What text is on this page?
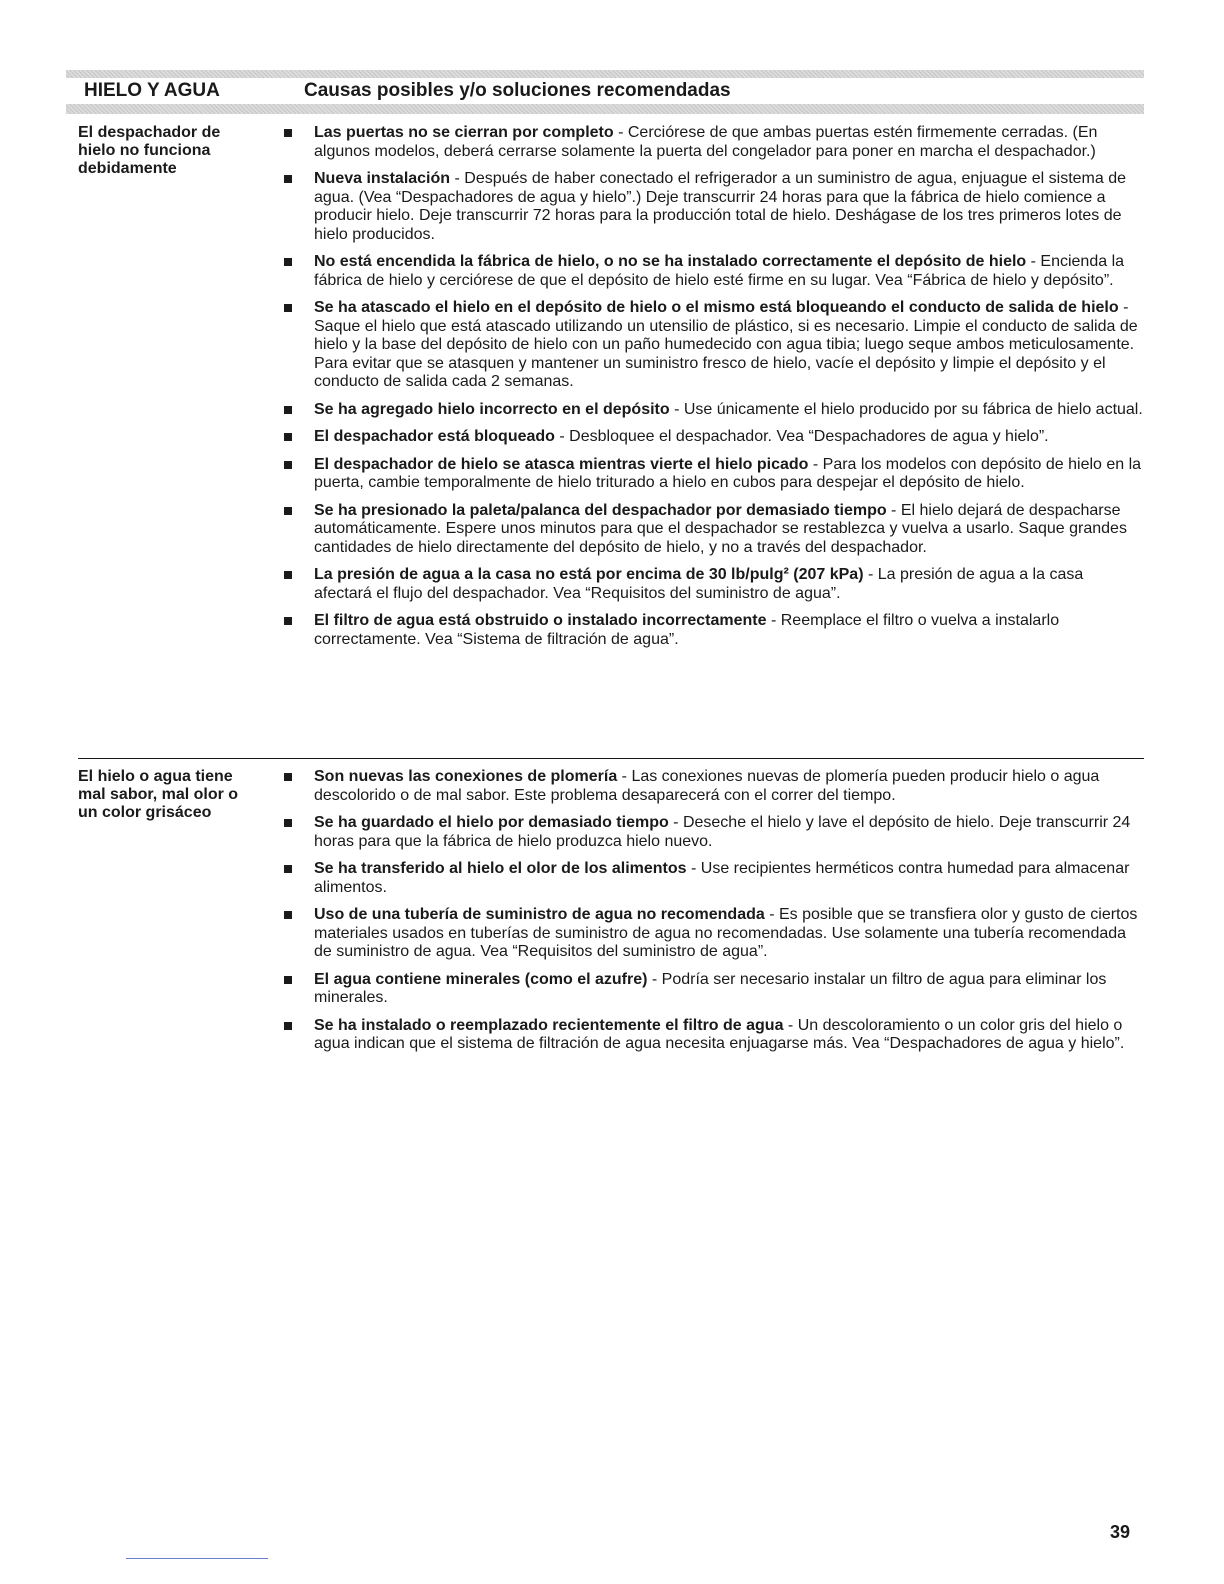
HIELO Y AGUA	Causas posibles y/o soluciones recomendadas
El despachador de hielo no funciona debidamente
Las puertas no se cierran por completo - Cerciórese de que ambas puertas estén firmemente cerradas. (En algunos modelos, deberá cerrarse solamente la puerta del congelador para poner en marcha el despachador.)
Nueva instalación - Después de haber conectado el refrigerador a un suministro de agua, enjuague el sistema de agua. (Vea “Despachadores de agua y hielo”.) Deje transcurrir 24 horas para que la fábrica de hielo comience a producir hielo. Deje transcurrir 72 horas para la producción total de hielo. Deshágase de los tres primeros lotes de hielo producidos.
No está encendida la fábrica de hielo, o no se ha instalado correctamente el depósito de hielo - Encienda la fábrica de hielo y cerciórese de que el depósito de hielo esté firme en su lugar. Vea “Fábrica de hielo y depósito”.
Se ha atascado el hielo en el depósito de hielo o el mismo está bloqueando el conducto de salida de hielo - Saque el hielo que está atascado utilizando un utensilio de plástico, si es necesario. Limpie el conducto de salida de hielo y la base del depósito de hielo con un paño humedecido con agua tibia; luego seque ambos meticulosamente. Para evitar que se atasquen y mantener un suministro fresco de hielo, vacíe el depósito y limpie el depósito y el conducto de salida cada 2 semanas.
Se ha agregado hielo incorrecto en el depósito - Use únicamente el hielo producido por su fábrica de hielo actual.
El despachador está bloqueado - Desbloquee el despachador. Vea “Despachadores de agua y hielo”.
El despachador de hielo se atasca mientras vierte el hielo picado - Para los modelos con depósito de hielo en la puerta, cambie temporalmente de hielo triturado a hielo en cubos para despejar el depósito de hielo.
Se ha presionado la paleta/palanca del despachador por demasiado tiempo - El hielo dejará de despacharse automáticamente. Espere unos minutos para que el despachador se restablezca y vuelva a usarlo. Saque grandes cantidades de hielo directamente del depósito de hielo, y no a través del despachador.
La presión de agua a la casa no está por encima de 30 lb/pulg² (207 kPa) - La presión de agua a la casa afectará el flujo del despachador. Vea “Requisitos del suministro de agua”.
El filtro de agua está obstruido o instalado incorrectamente - Reemplace el filtro o vuelva a instalarlo correctamente. Vea “Sistema de filtración de agua”.
El hielo o agua tiene mal sabor, mal olor o un color grisáceo
Son nuevas las conexiones de plomería - Las conexiones nuevas de plomería pueden producir hielo o agua descolorido o de mal sabor. Este problema desaparecerá con el correr del tiempo.
Se ha guardado el hielo por demasiado tiempo - Deseche el hielo y lave el depósito de hielo. Deje transcurrir 24 horas para que la fábrica de hielo produzca hielo nuevo.
Se ha transferido al hielo el olor de los alimentos - Use recipientes herméticos contra humedad para almacenar alimentos.
Uso de una tubería de suministro de agua no recomendada - Es posible que se transfiera olor y gusto de ciertos materiales usados en tuberías de suministro de agua no recomendadas. Use solamente una tubería recomendada de suministro de agua. Vea “Requisitos del suministro de agua”.
El agua contiene minerales (como el azufre) - Podría ser necesario instalar un filtro de agua para eliminar los minerales.
Se ha instalado o reemplazado recientemente el filtro de agua - Un descoloramiento o un color gris del hielo o agua indican que el sistema de filtración de agua necesita enjuagarse más. Vea “Despachadores de agua y hielo”.
39
